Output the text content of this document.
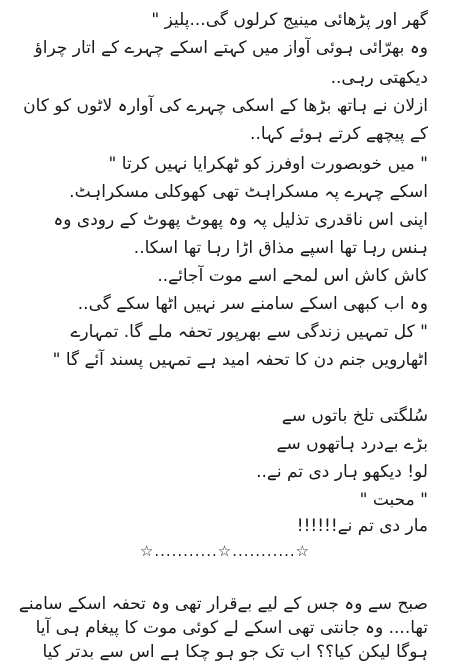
گھر اور پڑھائی مینیج کرلوں گی...پلیز "
وہ بھرّائی ہوئی آواز میں کہتے اسکے چہرے کے اتار چراؤ
دیکھتی رہی..
ازلان نے ہاتھ بڑھا کے اسکی چہرے کی آوارہ لاٹوں کو کان
کے پیچھے کرتے ہوئے کہا..
" میں خوبصورت اوفرز کو ٹھکرایا نہیں کرتا "
اسکے چہرے پہ مسکراہٹ تھی کھوکلی مسکراہٹ.
اپنی اس ناقدری تذلیل پہ وہ پھوٹ پھوٹ کے رودی وہ
ہنس رہا تھا اسپے مذاق اڑا رہا تھا اسکا..
کاش کاش اس لمحے اسے موت آجائے..
وہ اب کبھی اسکے سامنے سر نہیں اٹھا سکے گی..
" کل تمہیں زندگی سے بھرپور تحفہ ملے گا. تمہارے
اٹھارویں جنم دن کا تحفہ امید ہے تمہیں پسند آئے گا "
سُلگتی تلخ باتوں سے
بڑے بےدرد ہاتھوں سے
لو! دیکھو ہار دی تم نے..
" محبت "
مار دی تم نے!!!!!!
☆...........☆...........☆
صبح سے وہ جس کے لیے بےقرار تھی وہ تحفہ اسکے سامنے
تھا.... وہ جانتی تھی اسکے لے کوئی موت کا پیغام ہی آیا
ہوگا لیکن کیا؟؟ اب تک جو ہو چکا ہے اس سے بدتر کیا
